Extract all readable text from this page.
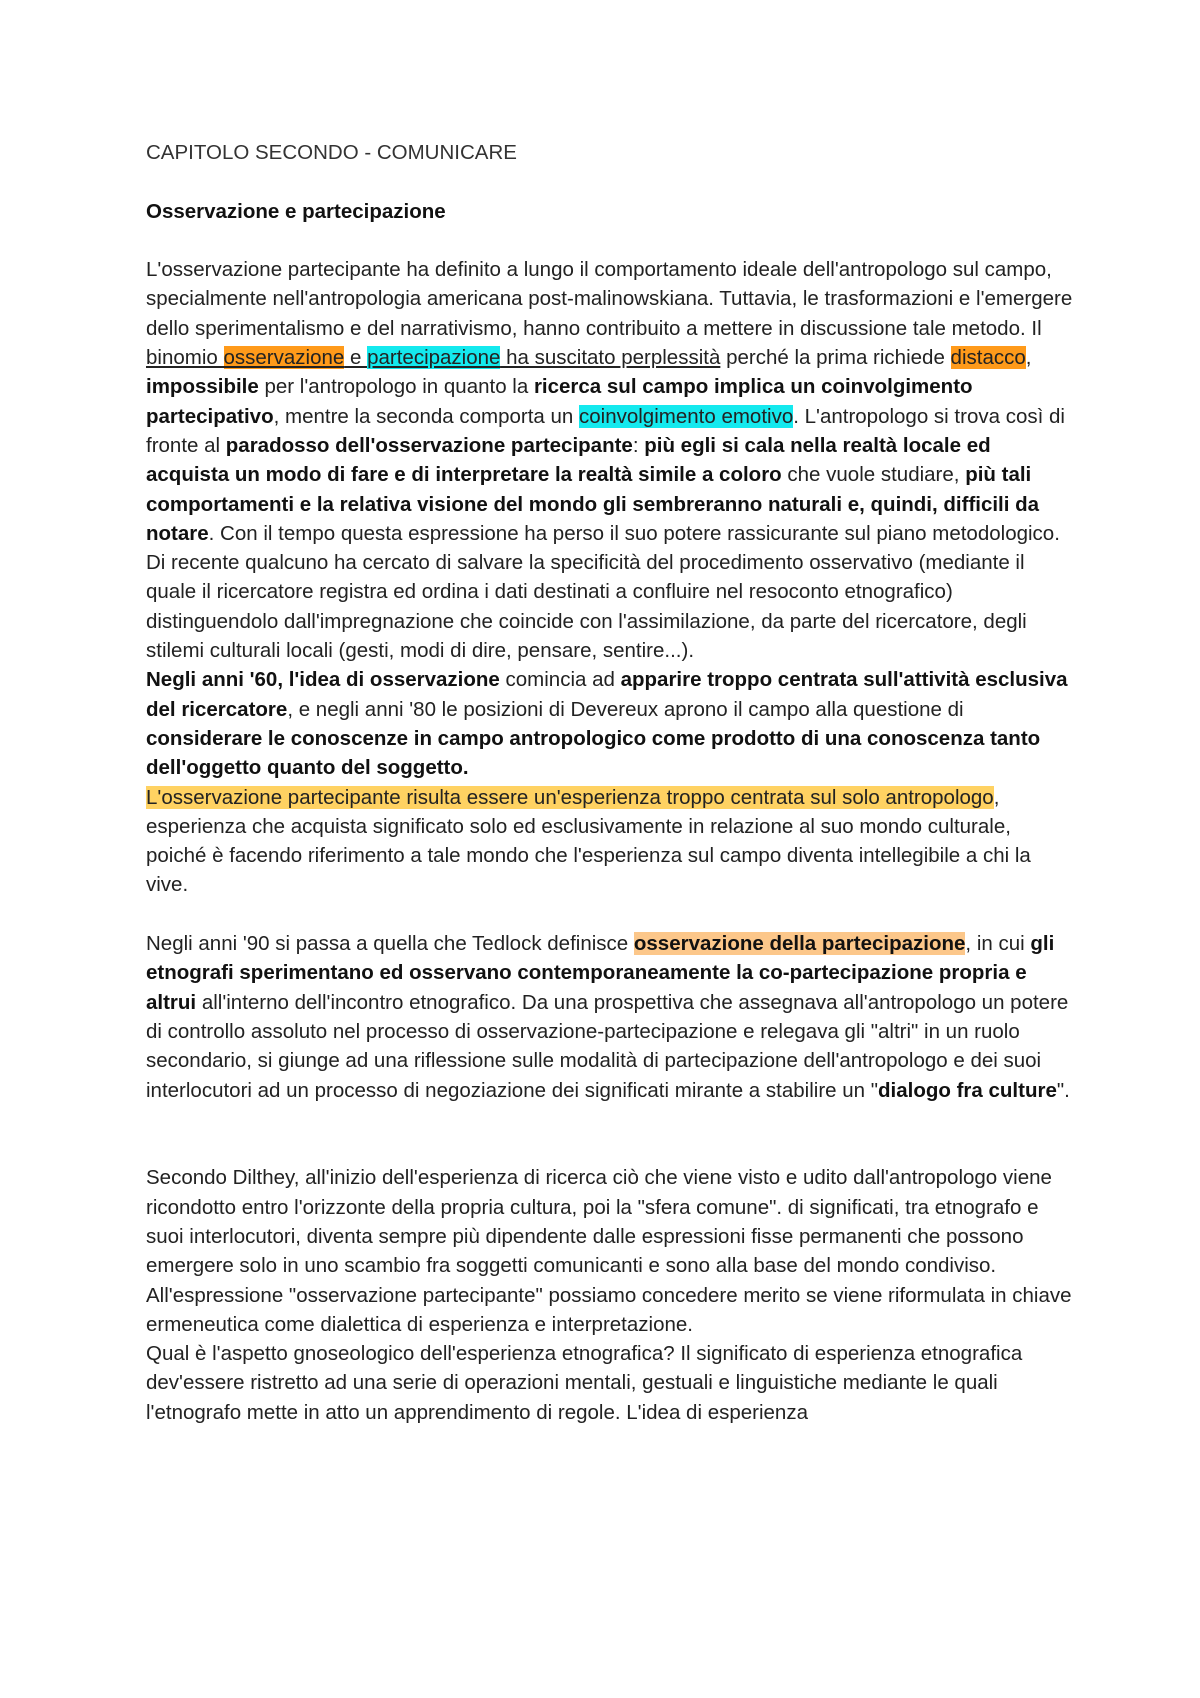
CAPITOLO SECONDO - COMUNICARE

Osservazione e partecipazione

L'osservazione partecipante ha definito a lungo il comportamento ideale dell'antropologo sul campo, specialmente nell'antropologia americana post-malinowskiana. Tuttavia, le trasformazioni e l'emergere dello sperimentalismo e del narrativismo, hanno contribuito a mettere in discussione tale metodo. Il binomio osservazione e partecipazione ha suscitato perplessità perché la prima richiede distacco, impossibile per l'antropologo in quanto la ricerca sul campo implica un coinvolgimento partecipativo, mentre la seconda comporta un coinvolgimento emotivo. L'antropologo si trova così di fronte al paradosso dell'osservazione partecipante: più egli si cala nella realtà locale ed acquista un modo di fare e di interpretare la realtà simile a coloro che vuole studiare, più tali comportamenti e la relativa visione del mondo gli sembreranno naturali e, quindi, difficili da notare. Con il tempo questa espressione ha perso il suo potere rassicurante sul piano metodologico. Di recente qualcuno ha cercato di salvare la specificità del procedimento osservativo (mediante il quale il ricercatore registra ed ordina i dati destinati a confluire nel resoconto etnografico) distinguendolo dall'impregnazione che coincide con l'assimilazione, da parte del ricercatore, degli stilemi culturali locali (gesti, modi di dire, pensare, sentire...).

Negli anni '60, l'idea di osservazione comincia ad apparire troppo centrata sull'attività esclusiva del ricercatore, e negli anni '80 le posizioni di Devereux aprono il campo alla questione di considerare le conoscenze in campo antropologico come prodotto di una conoscenza tanto dell'oggetto quanto del soggetto.

L'osservazione partecipante risulta essere un'esperienza troppo centrata sul solo antropologo, esperienza che acquista significato solo ed esclusivamente in relazione al suo mondo culturale, poiché è facendo riferimento a tale mondo che l'esperienza sul campo diventa intellegibile a chi la vive.

Negli anni '90 si passa a quella che Tedlock definisce osservazione della partecipazione, in cui gli etnografi sperimentano ed osservano contemporaneamente la co-partecipazione propria e altrui all'interno dell'incontro etnografico. Da una prospettiva che assegnava all'antropologo un potere di controllo assoluto nel processo di osservazione-partecipazione e relegava gli "altri" in un ruolo secondario, si giunge ad una riflessione sulle modalità di partecipazione dell'antropologo e dei suoi interlocutori ad un processo di negoziazione dei significati mirante a stabilire un "dialogo fra culture".

Secondo Dilthey, all'inizio dell'esperienza di ricerca ciò che viene visto e udito dall'antropologo viene ricondotto entro l'orizzonte della propria cultura, poi la "sfera comune". di significati, tra etnografo e suoi interlocutori, diventa sempre più dipendente dalle espressioni fisse permanenti che possono emergere solo in uno scambio fra soggetti comunicanti e sono alla base del mondo condiviso.

All'espressione "osservazione partecipante" possiamo concedere merito se viene riformulata in chiave ermeneutica come dialettica di esperienza e interpretazione.

Qual è l'aspetto gnoseologico dell'esperienza etnografica? Il significato di esperienza etnografica dev'essere ristretto ad una serie di operazioni mentali, gestuali e linguistiche mediante le quali l'etnografo mette in atto un apprendimento di regole. L'idea di esperienza
